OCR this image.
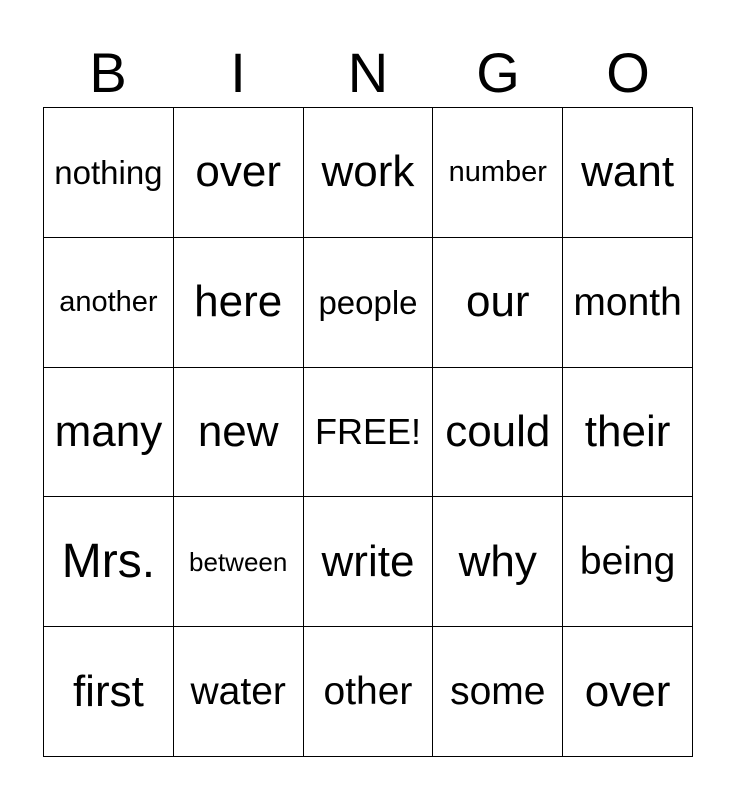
B	I	N	G	O
nothing over work number want
another here people our month
many new FREE! could their
Mrs. between write why being
first water other some over
